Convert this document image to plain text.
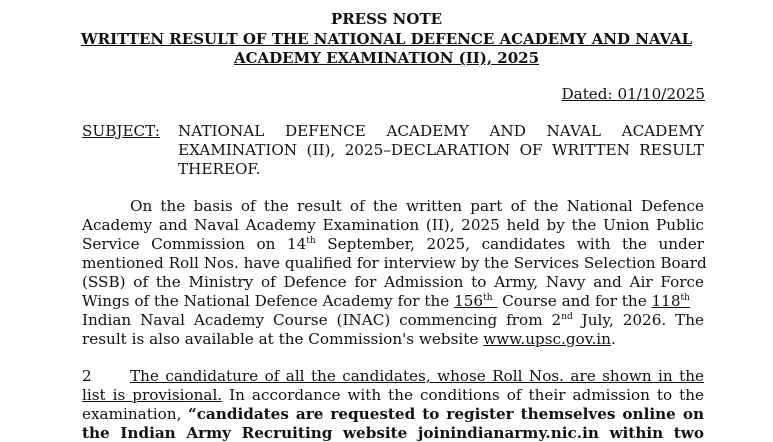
PRESS NOTE
WRITTEN RESULT OF THE NATIONAL DEFENCE ACADEMY AND NAVAL
ACADEMY EXAMINATION (II), 2025
Dated: 01/10/2025
SUBJECT: NATIONAL DEFENCE ACADEMY AND NAVAL ACADEMY
EXAMINATION (II), 2025–DECLARATION OF WRITTEN RESULT
THEREOF.
On the basis of the result of the written part of the National Defence
Academy and Naval Academy Examination (II), 2025 held by the Union Public
Service Commission on 14th September, 2025, candidates with the under
mentioned Roll Nos. have qualified for interview by the Services Selection Board
(SSB) of the Ministry of Defence for Admission to Army, Navy and Air Force
Wings of the National Defence Academy for the 156th  Course and for the 118th
Indian Naval Academy Course (INAC) commencing from 2nd July, 2026. The
result is also available at the Commission's website www.upsc.gov.in.
2	The candidature of all the candidates, whose Roll Nos. are shown in the
list is provisional. In accordance with the conditions of their admission to the
examination, “candidates are requested to register themselves online on
the Indian Army Recruiting website joinindianarmy.nic.in within two
